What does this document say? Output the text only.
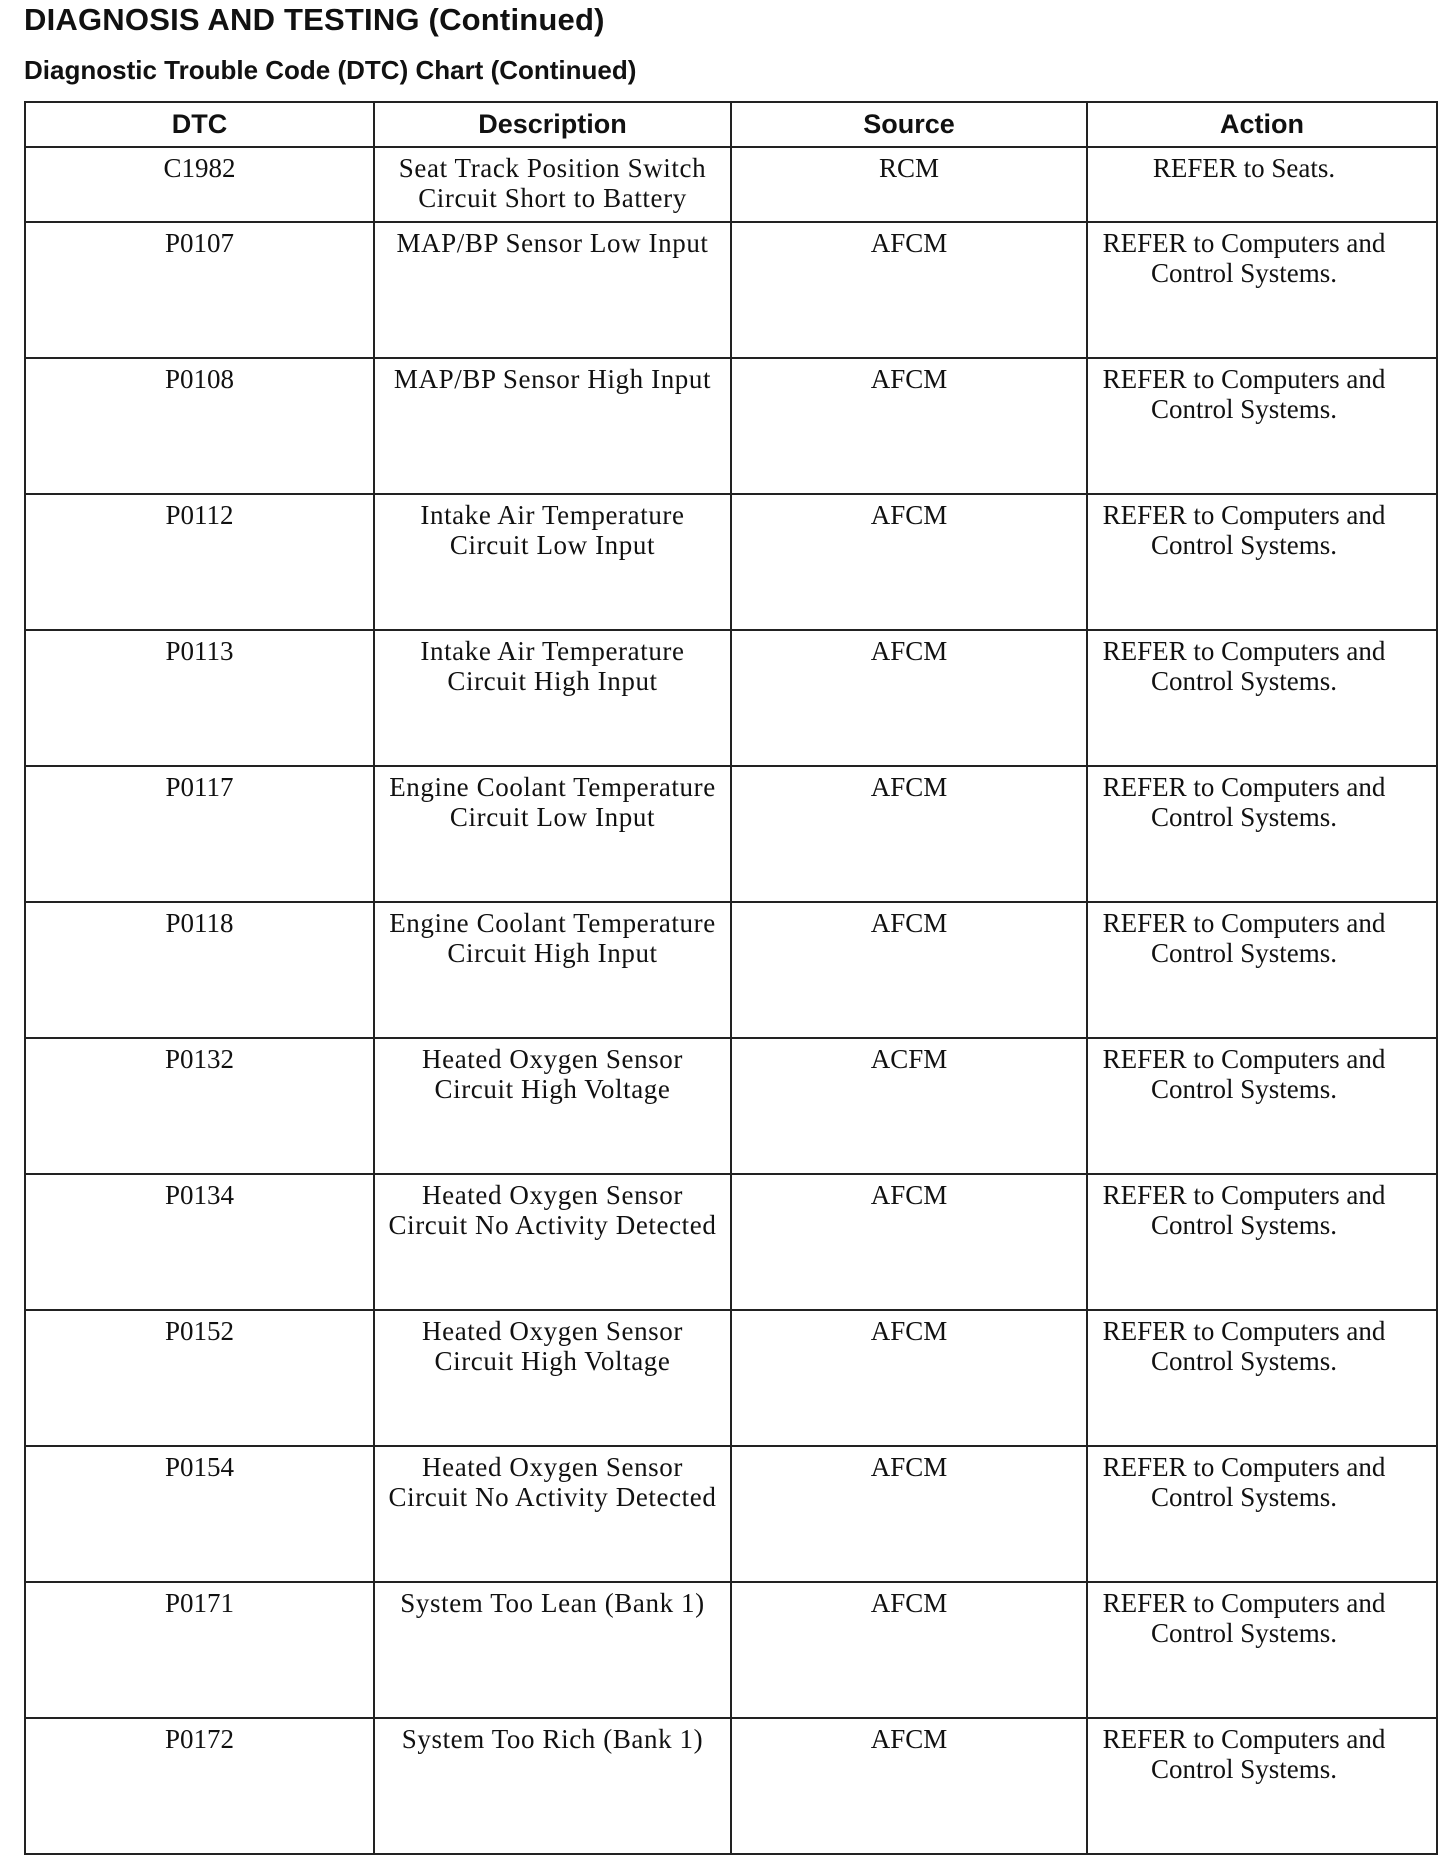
DIAGNOSIS AND TESTING (Continued)
Diagnostic Trouble Code (DTC) Chart (Continued)
DTC	Description	Source	Action
C1982	Seat Track Position Switch Circuit Short to Battery	RCM	REFER to Seats.
P0107	MAP/BP Sensor Low Input	AFCM	REFER to Computers and Control Systems.
P0108	MAP/BP Sensor High Input	AFCM	REFER to Computers and Control Systems.
P0112	Intake Air Temperature Circuit Low Input	AFCM	REFER to Computers and Control Systems.
P0113	Intake Air Temperature Circuit High Input	AFCM	REFER to Computers and Control Systems.
P0117	Engine Coolant Temperature Circuit Low Input	AFCM	REFER to Computers and Control Systems.
P0118	Engine Coolant Temperature Circuit High Input	AFCM	REFER to Computers and Control Systems.
P0132	Heated Oxygen Sensor Circuit High Voltage	ACFM	REFER to Computers and Control Systems.
P0134	Heated Oxygen Sensor Circuit No Activity Detected	AFCM	REFER to Computers and Control Systems.
P0152	Heated Oxygen Sensor Circuit High Voltage	AFCM	REFER to Computers and Control Systems.
P0154	Heated Oxygen Sensor Circuit No Activity Detected	AFCM	REFER to Computers and Control Systems.
P0171	System Too Lean (Bank 1)	AFCM	REFER to Computers and Control Systems.
P0172	System Too Rich (Bank 1)	AFCM	REFER to Computers and Control Systems.
